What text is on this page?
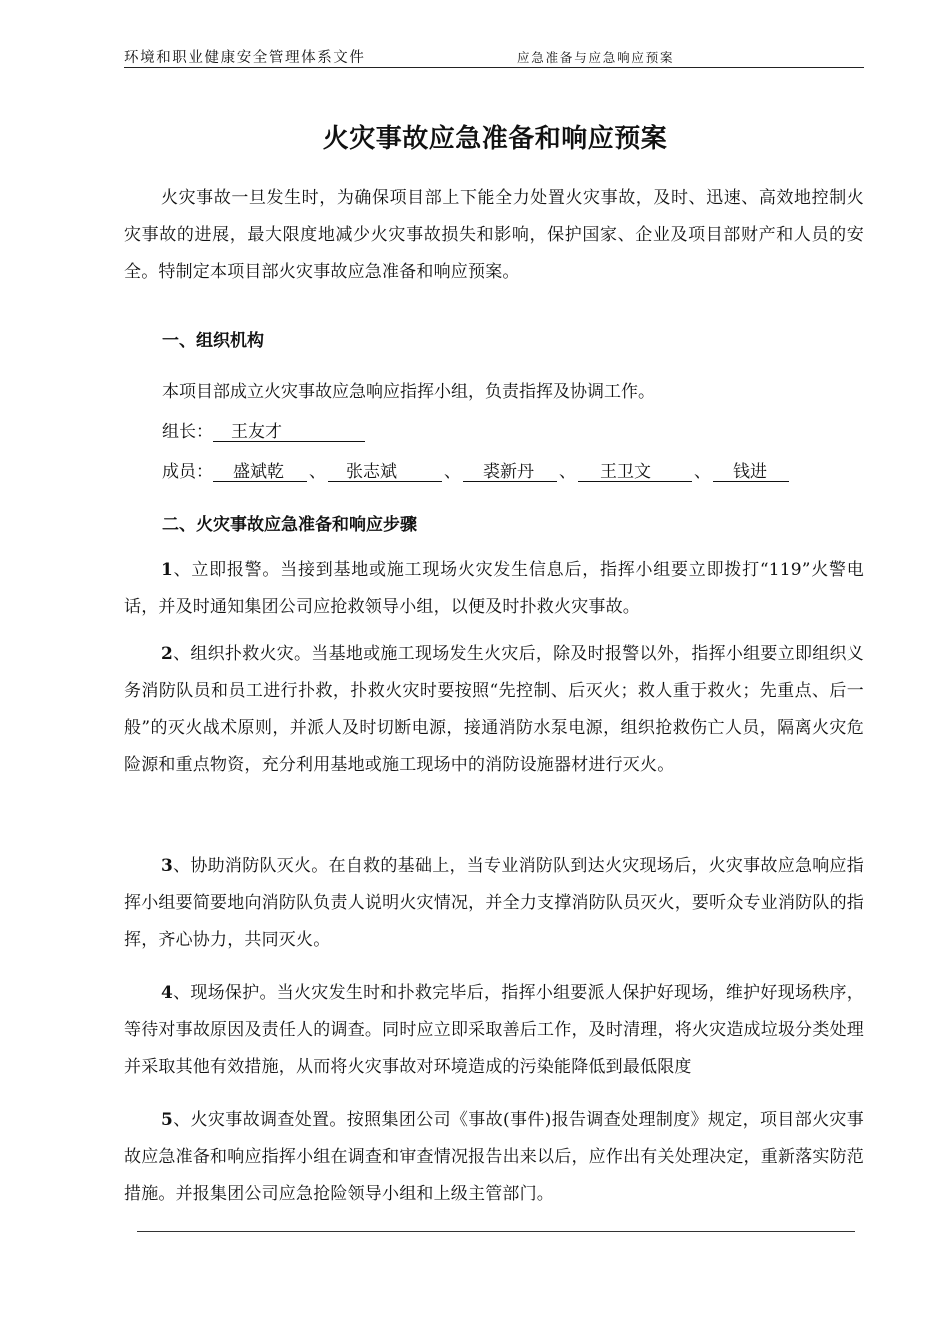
环境和职业健康安全管理体系文件	应急准备与应急响应预案
火灾事故应急准备和响应预案
火灾事故一旦发生时，为确保项目部上下能全力处置火灾事故，及时、迅速、高效地控制火灾事故的进展，最大限度地减少火灾事故损失和影响，保护国家、企业及项目部财产和人员的安全。特制定本项目部火灾事故应急准备和响应预案。
一、组织机构
本项目部成立火灾事故应急响应指挥小组，负责指挥及协调工作。
组长： 王友才
成员： 盛斌乾 、 张志斌	、 裘新丹 、 王卫文	、 钱进
二、火灾事故应急准备和响应步骤
1、立即报警。当接到基地或施工现场火灾发生信息后，指挥小组要立即拨打“119”火警电话，并及时通知集团公司应抢救领导小组，以便及时扑救火灾事故。
2、组织扑救火灾。当基地或施工现场发生火灾后，除及时报警以外，指挥小组要立即组织义务消防队员和员工进行扑救，扑救火灾时要按照“先控制、后灭火；救人重于救火；先重点、后一般”的灭火战术原则，并派人及时切断电源，接通消防水泵电源，组织抢救伤亡人员，隔离火灾危险源和重点物资，充分利用基地或施工现场中的消防设施器材进行灭火。
3、协助消防队灭火。在自救的基础上，当专业消防队到达火灾现场后，火灾事故应急响应指挥小组要简要地向消防队负责人说明火灾情况，并全力支撑消防队员灭火，要听众专业消防队的指挥，齐心协力，共同灭火。
4、现场保护。当火灾发生时和扑救完毕后，指挥小组要派人保护好现场，维护好现场秩序，等待对事故原因及责任人的调查。同时应立即采取善后工作，及时清理，将火灾造成垃圾分类处理并采取其他有效措施，从而将火灾事故对环境造成的污染能降低到最低限度
5、火灾事故调查处置。按照集团公司《事故(事件)报告调查处理制度》规定，项目部火灾事故应急准备和响应指挥小组在调查和审查情况报告出来以后，应作出有关处理决定，重新落实防范措施。并报集团公司应急抢险领导小组和上级主管部门。
